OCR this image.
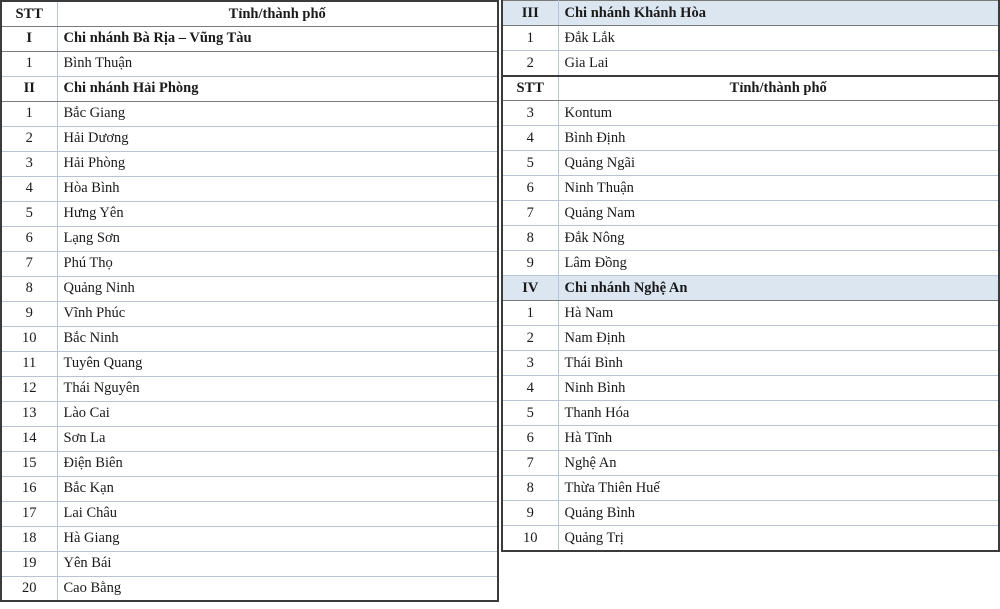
STT	Tỉnh/thành phố
I	Chi nhánh Bà Rịa – Vũng Tàu
1	Bình Thuận
II	Chi nhánh Hải Phòng
1	Bắc Giang
2	Hải Dương
3	Hải Phòng
4	Hòa Bình
5	Hưng Yên
6	Lạng Sơn
7	Phú Thọ
8	Quảng Ninh
9	Vĩnh Phúc
10	Bắc Ninh
11	Tuyên Quang
12	Thái Nguyên
13	Lào Cai
14	Sơn La
15	Điện Biên
16	Bắc Kạn
17	Lai Châu
18	Hà Giang
19	Yên Bái
20	Cao Bằng
III	Chi nhánh Khánh Hòa
1	Đắk Lắk
2	Gia Lai
STT	Tỉnh/thành phố
3	Kontum
4	Bình Định
5	Quảng Ngãi
6	Ninh Thuận
7	Quảng Nam
8	Đắk Nông
9	Lâm Đồng
IV	Chi nhánh Nghệ An
1	Hà Nam
2	Nam Định
3	Thái Bình
4	Ninh Bình
5	Thanh Hóa
6	Hà Tĩnh
7	Nghệ An
8	Thừa Thiên Huế
9	Quảng Bình
10	Quảng Trị
